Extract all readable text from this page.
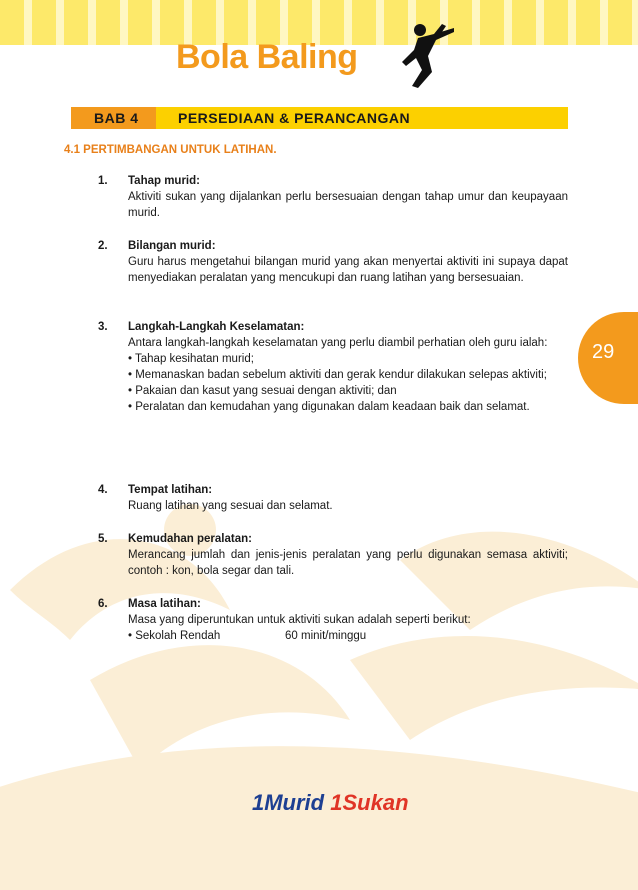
Bola Baling
BAB 4	PERSEDIAAN & PERANCANGAN
4.1 PERTIMBANGAN UNTUK LATIHAN.
29
1. Tahap murid:
Aktiviti sukan yang dijalankan perlu bersesuaian dengan tahap umur dan keupayaan murid.
2. Bilangan murid:
Guru harus mengetahui bilangan murid yang akan menyertai aktiviti ini supaya dapat menyediakan peralatan yang mencukupi dan ruang latihan yang bersesuaian.
3. Langkah-Langkah Keselamatan:
Antara langkah-langkah keselamatan yang perlu diambil perhatian oleh guru ialah:
• Tahap kesihatan murid;
• Memanaskan badan sebelum aktiviti dan gerak kendur dilakukan selepas aktiviti;
• Pakaian dan kasut yang sesuai dengan aktiviti; dan
• Peralatan dan kemudahan yang digunakan dalam keadaan baik dan selamat.
4. Tempat latihan:
Ruang latihan yang sesuai dan selamat.
5. Kemudahan peralatan:
Merancang jumlah dan jenis-jenis peralatan yang perlu digunakan semasa aktiviti; contoh : kon, bola segar dan tali.
6. Masa latihan:
Masa yang diperuntukan untuk aktiviti sukan adalah seperti berikut:
• Sekolah Rendah	60 minit/minggu
1Murid 1Sukan
